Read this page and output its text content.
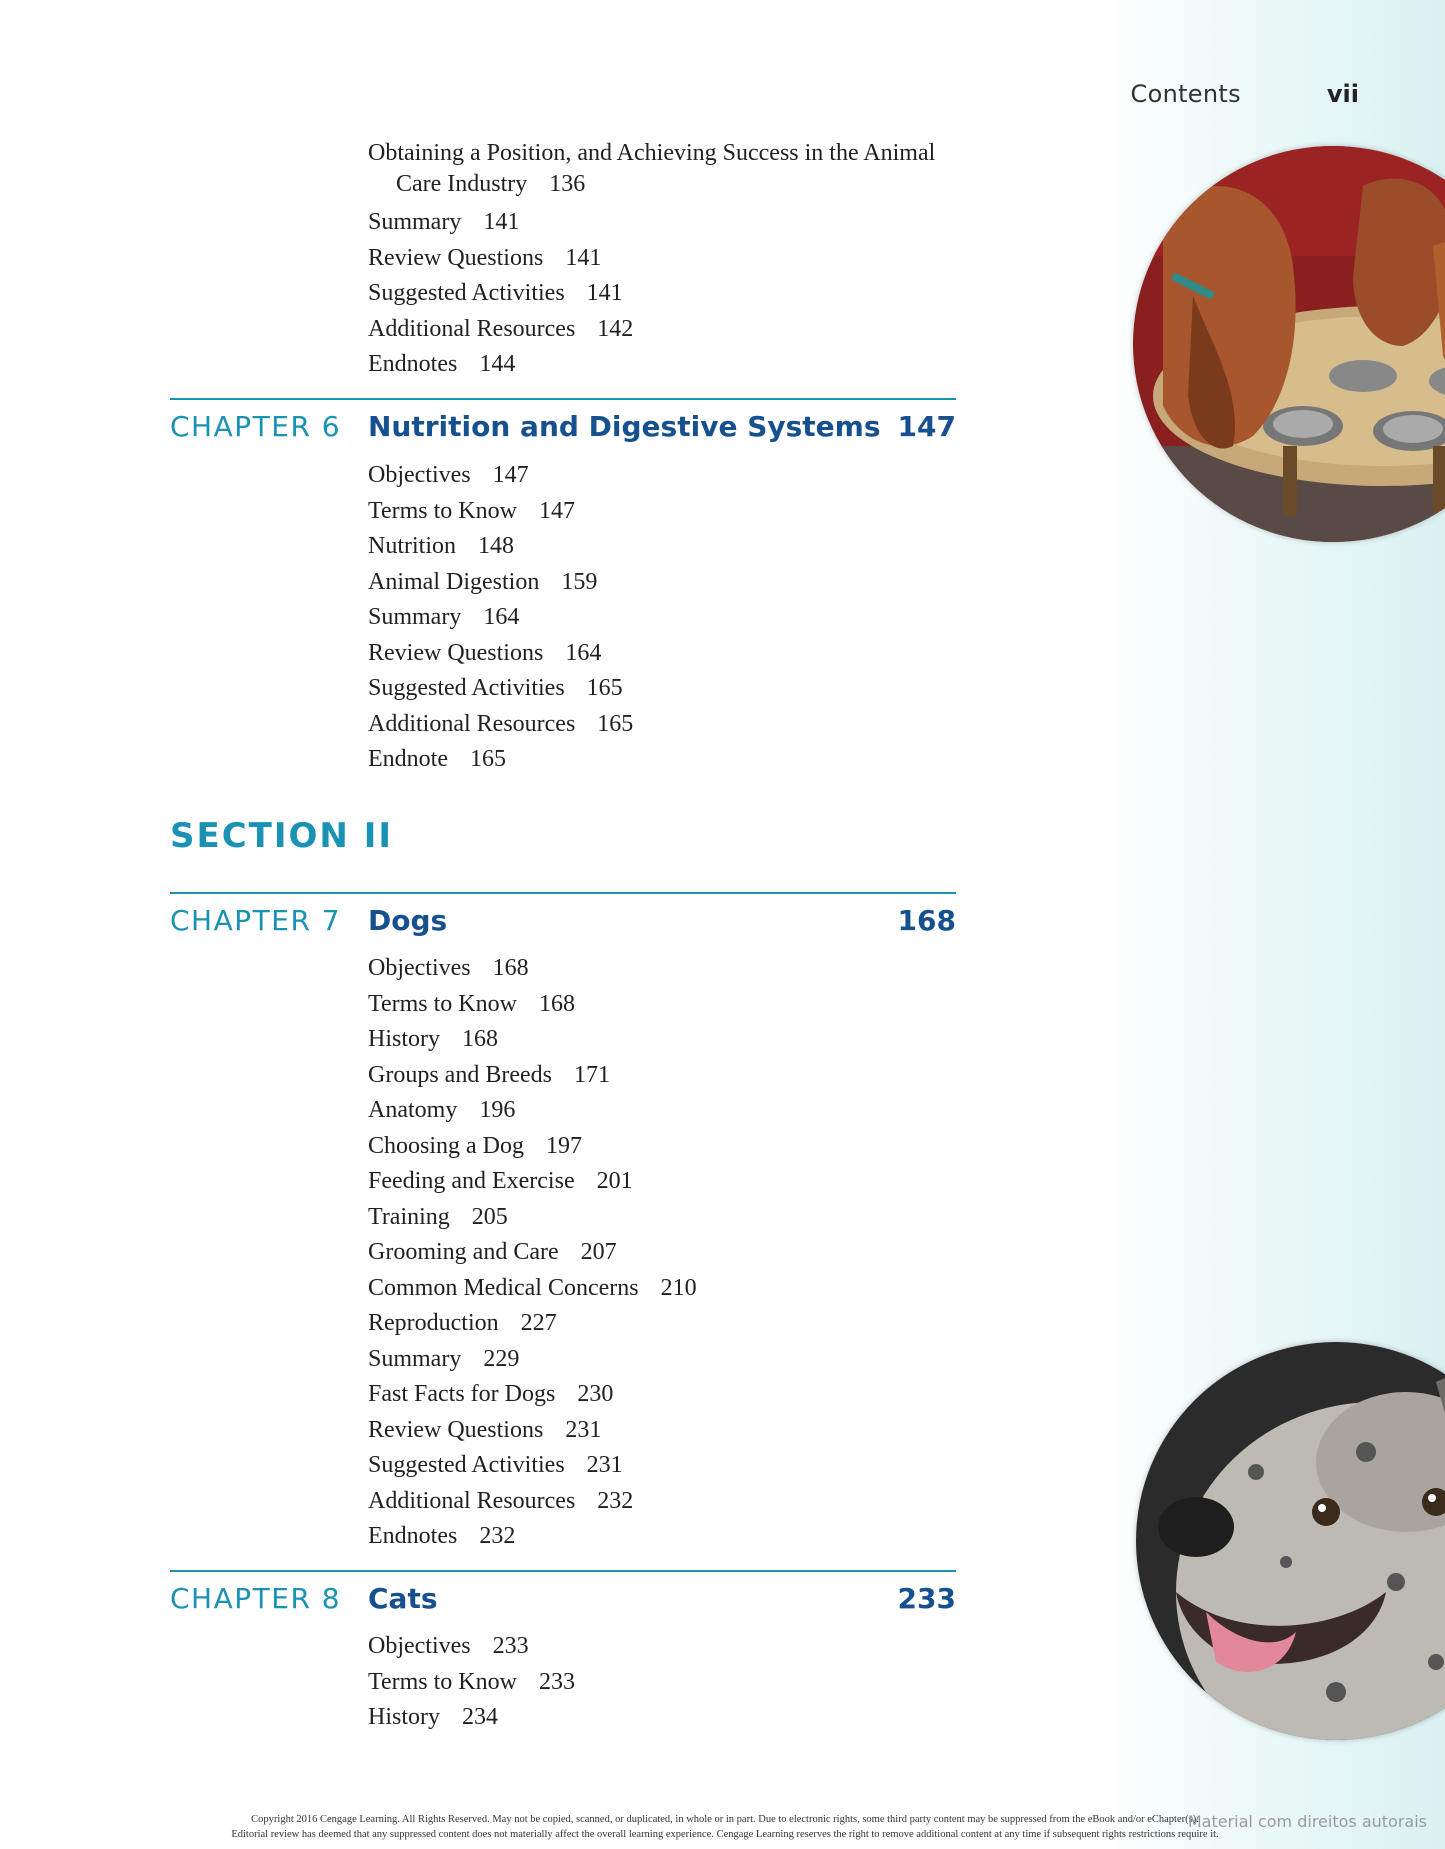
Contents	vii
Obtaining a Position, and Achieving Success in the Animal Care Industry 136
Summary 141
Review Questions 141
Suggested Activities 141
Additional Resources 142
Endnotes 144
CHAPTER 6 Nutrition and Digestive Systems 147
Objectives 147
Terms to Know 147
Nutrition 148
Animal Digestion 159
Summary 164
Review Questions 164
Suggested Activities 165
Additional Resources 165
Endnote 165
SECTION II
CHAPTER 7 Dogs	168
Objectives 168
Terms to Know 168
History 168
Groups and Breeds 171
Anatomy 196
Choosing a Dog 197
Feeding and Exercise 201
Training 205
Grooming and Care 207
Common Medical Concerns 210
Reproduction 227
Summary 229
Fast Facts for Dogs 230
Review Questions 231
Suggested Activities 231
Additional Resources 232
Endnotes 232
CHAPTER 8 Cats	233
Objectives 233
Terms to Know 233
History 234
Copyright 2016 Cengage Learning. All Rights Reserved. May not be copied, scanned, or duplicated, in whole or in part. Due to electronic rights, some third party content may be suppressed from the eBook and/or eChapter(s).
Editorial review has deemed that any suppressed content does not materially affect the overall learning experience. Cengage Learning reserves the right to remove additional content at any time if subsequent rights restrictions require it.
Material com direitos autorais
